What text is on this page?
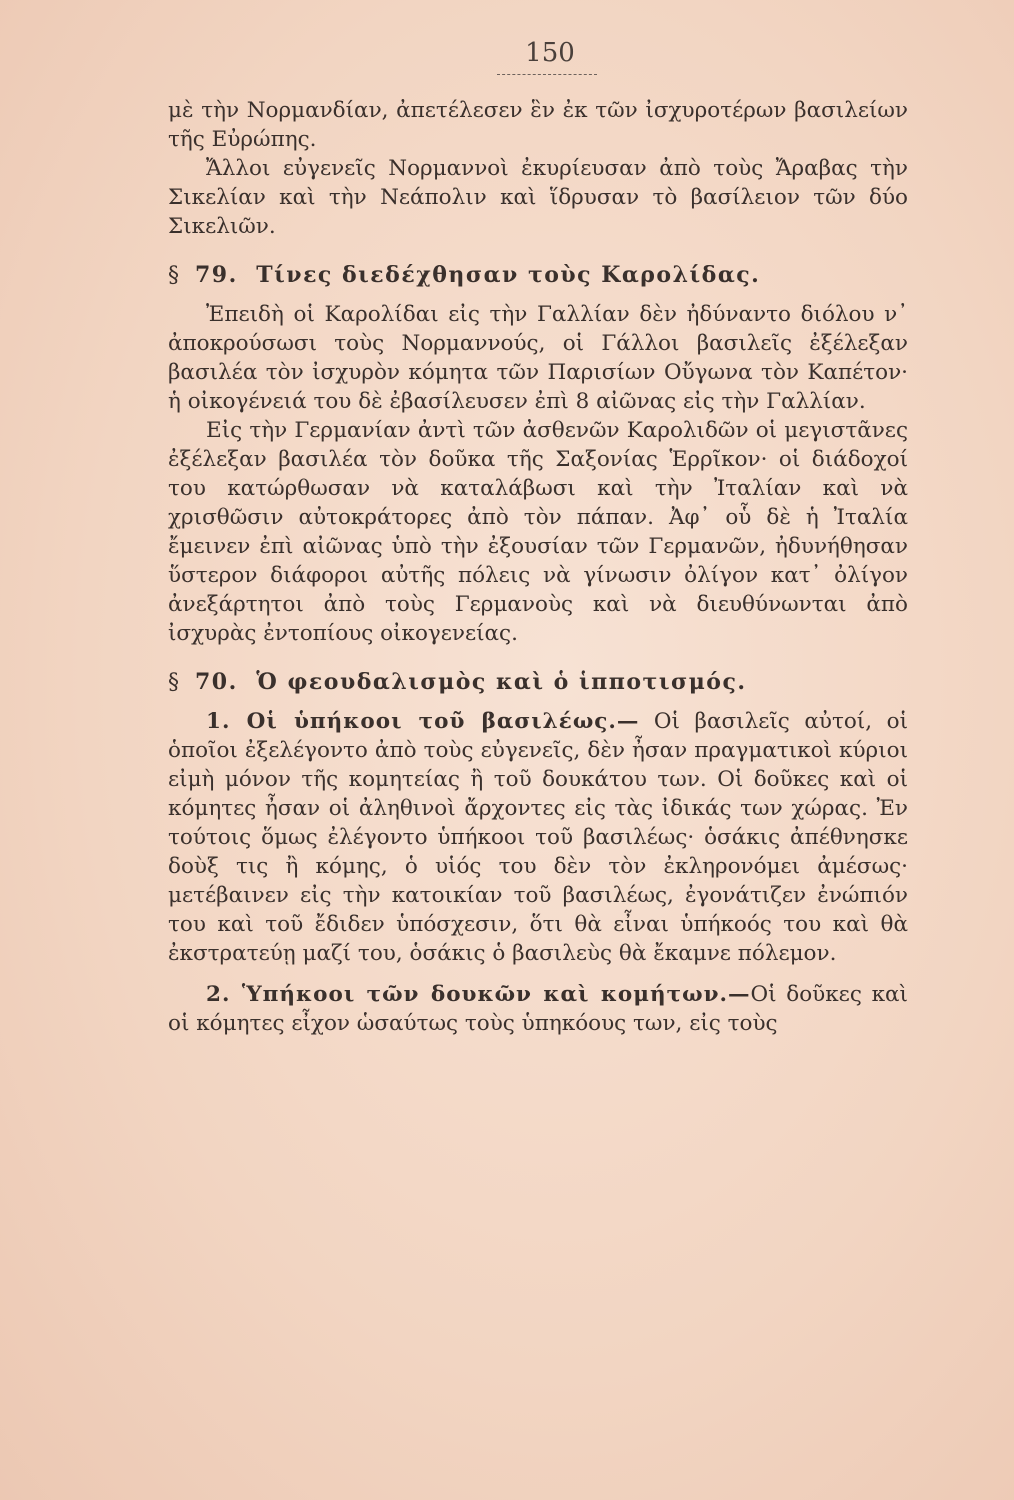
150

μὲ τὴν Νορμανδίαν, ἀπετέλεσεν ἓν ἐκ τῶν ἰσχυροτέρων βασιλείων τῆς Εὐρώπης.

Ἄλλοι εὐγενεῖς Νορμαννοὶ ἐκυρίευσαν ἀπὸ τοὺς Ἄραβας τὴν Σικελίαν καὶ τὴν Νεάπολιν καὶ ἵδρυσαν τὸ βασίλειον τῶν δύο Σικελιῶν.

§ 79. Τίνες διεδέχθησαν τοὺς Καρολίδας.

Ἐπειδὴ οἱ Καρολίδαι εἰς τὴν Γαλλίαν δὲν ἠδύναντο διόλου ν᾽ ἀποκρούσωσι τοὺς Νορμαννούς, οἱ Γάλλοι βασιλεῖς ἐξέλεξαν βασιλέα τὸν ἰσχυρὸν κόμητα τῶν Παρισίων Οὔγωνα τὸν Καπέτον· ἡ οἰκογένειά του δὲ ἐβασίλευσεν ἐπὶ 8 αἰῶνας εἰς τὴν Γαλλίαν.

Εἰς τὴν Γερμανίαν ἀντὶ τῶν ἀσθενῶν Καρολιδῶν οἱ μεγιστᾶνες ἐξέλεξαν βασιλέα τὸν δοῦκα τῆς Σαξονίας Ἑρρῖκον· οἱ διάδοχοί του κατώρθωσαν νὰ καταλάβωσι καὶ τὴν Ἰταλίαν καὶ νὰ χρισθῶσιν αὐτοκράτορες ἀπὸ τὸν πάπαν. Ἀφ᾽ οὗ δὲ ἡ Ἰταλία ἔμεινεν ἐπὶ αἰῶνας ὑπὸ τὴν ἐξουσίαν τῶν Γερμανῶν, ἠδυνήθησαν ὕστερον διάφοροι αὐτῆς πόλεις νὰ γίνωσιν ὀλίγον κατ᾽ ὀλίγον ἀνεξάρτητοι ἀπὸ τοὺς Γερμανοὺς καὶ νὰ διευθύνωνται ἀπὸ ἰσχυρὰς ἐντοπίους οἰκογενείας.

§ 70. Ὁ φεουδαλισμὸς καὶ ὁ ἱπποτισμός.

1. Οἱ ὑπήκοοι τοῦ βασιλέως.— Οἱ βασιλεῖς αὐτοί, οἱ ὁποῖοι ἐξελέγοντο ἀπὸ τοὺς εὐγενεῖς, δὲν ἦσαν πραγματικοὶ κύριοι εἰμὴ μόνον τῆς κομητείας ἢ τοῦ δουκάτου των. Οἱ δοῦκες καὶ οἱ κόμητες ἦσαν οἱ ἀληθινοὶ ἄρχοντες εἰς τὰς ἰδικάς των χώρας. Ἐν τούτοις ὅμως ἐλέγοντο ὑπήκοοι τοῦ βασιλέως· ὁσάκις ἀπέθνησκε δοὺξ τις ἢ κόμης, ὁ υἱός του δὲν τὸν ἐκληρονόμει ἀμέσως· μετέβαινεν εἰς τὴν κατοικίαν τοῦ βασιλέως, ἐγονάτιζεν ἐνώπιόν του καὶ τοῦ ἔδιδεν ὑπόσχεσιν, ὅτι θὰ εἶναι ὑπήκοός του καὶ θὰ ἐκστρατεύῃ μαζί του, ὁσάκις ὁ βασιλεὺς θὰ ἔκαμνε πόλεμον.

2. Ὑπήκοοι τῶν δουκῶν καὶ κομήτων.—Οἱ δοῦκες καὶ οἱ κόμητες εἶχον ὡσαύτως τοὺς ὑπηκόους των, εἰς τοὺς
